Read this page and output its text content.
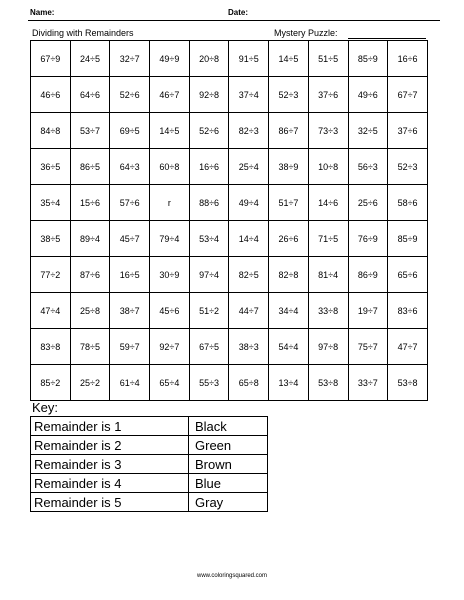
Name:	Date:
Dividing with Remainders	Mystery Puzzle:
67÷9	24÷5	32÷7	49÷9	20÷8	91÷5	14÷5	51÷5	85÷9	16÷6
46÷6	64÷6	52÷6	46÷7	92÷8	37÷4	52÷3	37÷6	49÷6	67÷7
84÷8	53÷7	69÷5	14÷5	52÷6	82÷3	86÷7	73÷3	32÷5	37÷6
36÷5	86÷5	64÷3	60÷8	16÷6	25÷4	38÷9	10÷8	56÷3	52÷3
35÷4	15÷6	57÷6	r	88÷6	49÷4	51÷7	14÷6	25÷6	58÷6
38÷5	89÷4	45÷7	79÷4	53÷4	14÷4	26÷6	71÷5	76÷9	85÷9
77÷2	87÷6	16÷5	30÷9	97÷4	82÷5	82÷8	81÷4	86÷9	65÷6
47÷4	25÷8	38÷7	45÷6	51÷2	44÷7	34÷4	33÷8	19÷7	83÷6
83÷8	78÷5	59÷7	92÷7	67÷5	38÷3	54÷4	97÷8	75÷7	47÷7
85÷2	25÷2	61÷4	65÷4	55÷3	65÷8	13÷4	53÷8	33÷7	53÷8
Key:
Remainder is 1	Black
Remainder is 2	Green
Remainder is 3	Brown
Remainder is 4	Blue
Remainder is 5	Gray
www.coloringsquared.com
